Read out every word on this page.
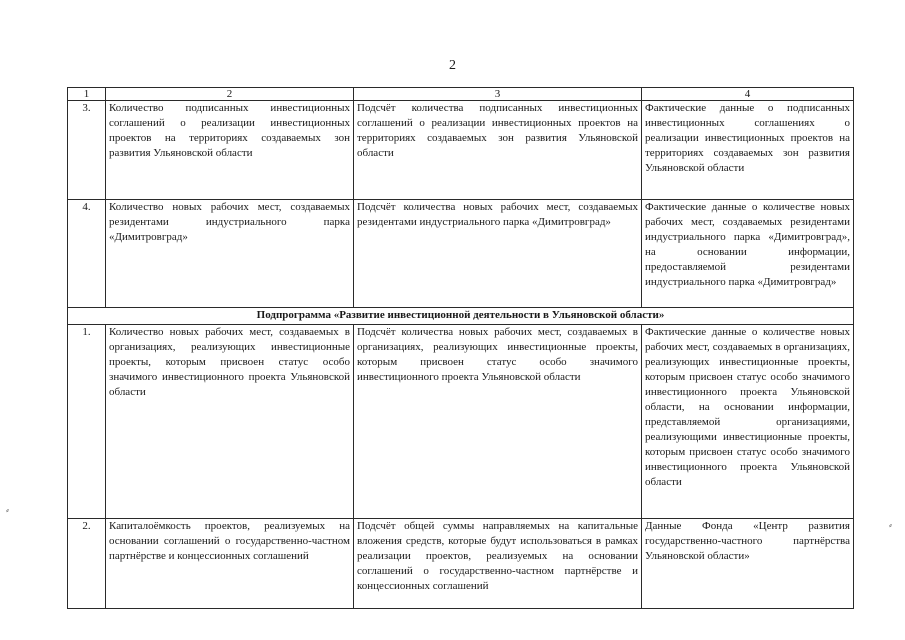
2
1	2	3	4
3.	Количество подписанных инвестиционных соглашений о реализации инвестиционных проектов на территориях создаваемых зон развития Ульяновской области	Подсчёт количества подписанных инвестиционных соглашений о реализации инвестиционных проектов на территориях создаваемых зон развития Ульяновской области	Фактические данные о подписанных инвестиционных соглашениях о реализации инвестиционных проектов на территориях создаваемых зон развития Ульяновской области
4.	Количество новых рабочих мест, создаваемых резидентами индустриального парка «Димитровград»	Подсчёт количества новых рабочих мест, создаваемых резидентами индустриального парка «Димитровград»	Фактические данные о количестве новых рабочих мест, создаваемых резидентами индустриального парка «Димитровград», на основании информации, предоставляемой резидентами индустриального парка «Димитровград»
Подпрограмма «Развитие инвестиционной деятельности в Ульяновской области»			
1.	Количество новых рабочих мест, создаваемых в организациях, реализующих инвестиционные проекты, которым присвоен статус особо значимого инвестиционного проекта Ульяновской области	Подсчёт количества новых рабочих мест, создаваемых в организациях, реализующих инвестиционные проекты, которым присвоен статус особо значимого инвестиционного проекта Ульяновской области	Фактические данные о количестве новых рабочих мест, создаваемых в организациях, реализующих инвестиционные проекты, которым присвоен статус особо значимого инвестиционного проекта Ульяновской области, на основании информации, представляемой организациями, реализующими инвестиционные проекты, которым присвоен статус особо значимого инвестиционного проекта Ульяновской области
2.	Капиталоёмкость проектов, реализуемых на основании соглашений о государственно-частном партнёрстве и концессионных соглашений	Подсчёт общей суммы направляемых на капитальные вложения средств, которые будут использоваться в рамках реализации проектов, реализуемых на основании соглашений о государственно-частном партнёрстве и концессионных соглашений	Данные Фонда «Центр развития государственно-частного партнёрства Ульяновской области»
⸗
⸗
